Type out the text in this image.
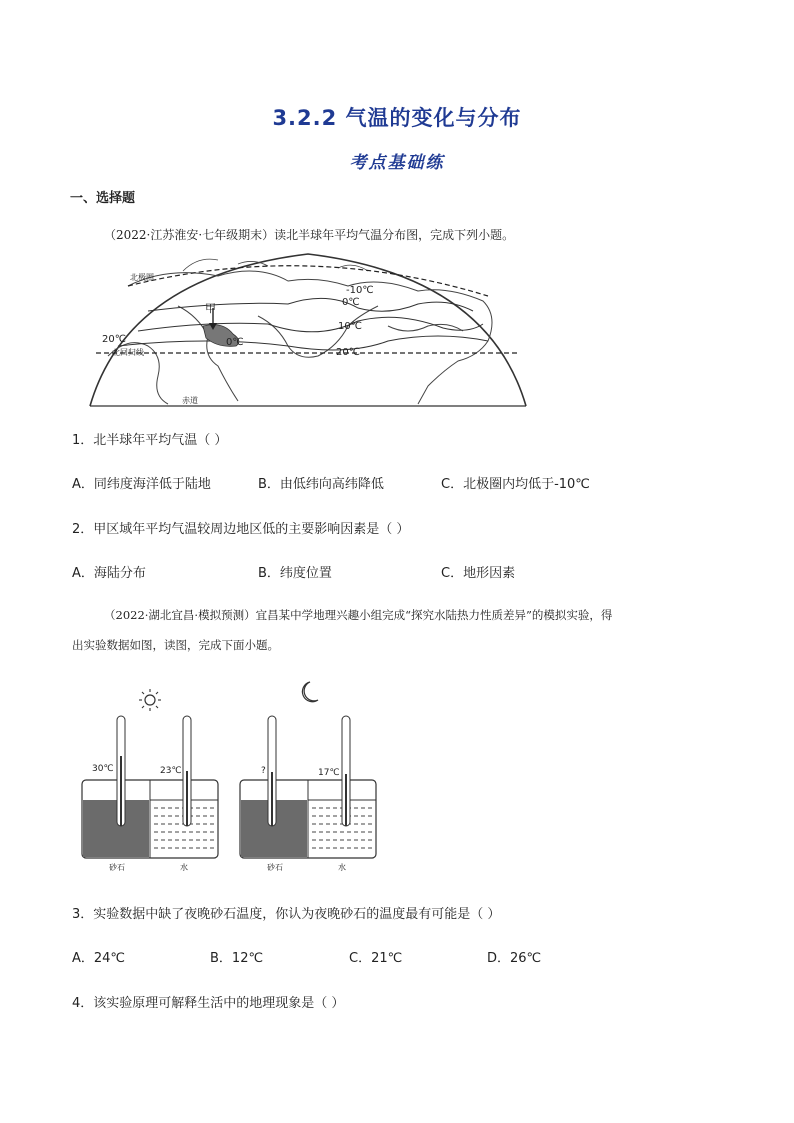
3.2.2 气温的变化与分布
考点基础练
一、选择题
（2022·江苏淮安·七年级期末）读北半球年平均气温分布图，完成下列小题。
甲
北极圈
北回归线
赤道
-10℃
0℃
10℃
20℃
20℃	0℃
1．北半球年平均气温（ ）
A．同纬度海洋低于陆地	B．由低纬向高纬降低	C．北极圈内均低于-10℃
2．甲区域年平均气温较周边地区低的主要影响因素是（ ）
A．海陆分布	B．纬度位置	C．地形因素
（2022·湖北宜昌·模拟预测）宜昌某中学地理兴趣小组完成“探究水陆热力性质差异”的模拟实验，得
出实验数据如图，读图，完成下面小题。
30℃	23℃
砂石	水
?	17℃
砂石	水
3．实验数据中缺了夜晚砂石温度，你认为夜晚砂石的温度最有可能是（ ）
A．24℃	B．12℃	C．21℃	D．26℃
4．该实验原理可解释生活中的地理现象是（ ）
